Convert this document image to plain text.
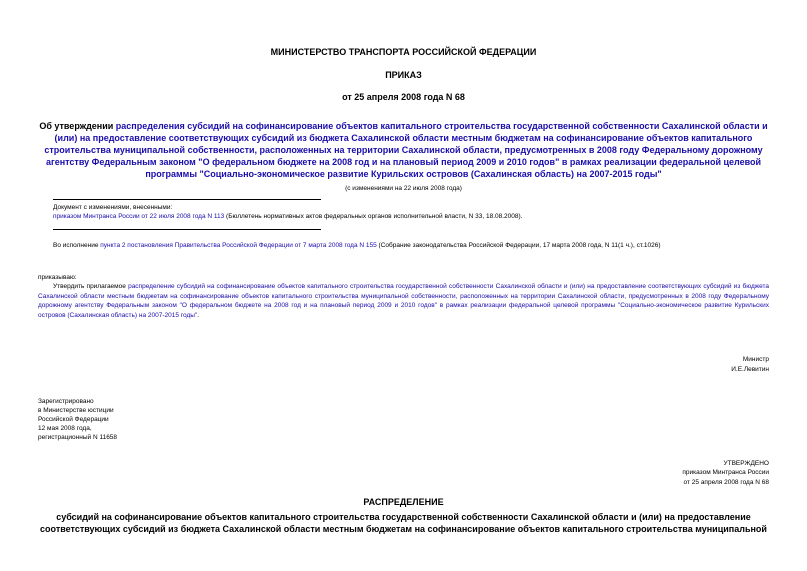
МИНИСТЕРСТВО ТРАНСПОРТА РОССИЙСКОЙ ФЕДЕРАЦИИ
ПРИКАЗ
от 25 апреля 2008 года N 68
Об утверждении распределения субсидий на софинансирование объектов капитального строительства государственной собственности Сахалинской области и (или) на предоставление соответствующих субсидий из бюджета Сахалинской области местным бюджетам на софинансирование объектов капитального строительства муниципальной собственности, расположенных на территории Сахалинской области, предусмотренных в 2008 году Федеральному дорожному агентству Федеральным законом "О федеральном бюджете на 2008 год и на плановый период 2009 и 2010 годов" в рамках реализации федеральной целевой программы "Социально-экономическое развитие Курильских островов (Сахалинская область) на 2007-2015 годы"
(с изменениями на 22 июля 2008 года)
Документ с изменениями, внесенными:
приказом Минтранса России от 22 июля 2008 года N 113 (Бюллетень нормативных актов федеральных органов исполнительной власти, N 33, 18.08.2008).
Во исполнение пункта 2 постановления Правительства Российской Федерации от 7 марта 2008 года N 155 (Собрание законодательства Российской Федерации, 17 марта 2008 года, N 11(1 ч.), ст.1026)
приказываю:
Утвердить прилагаемое распределение субсидий на софинансирование объектов капитального строительства государственной собственности Сахалинской области и (или) на предоставление соответствующих субсидий из бюджета Сахалинской области местным бюджетам на софинансирование объектов капитального строительства муниципальной собственности, расположенных на территории Сахалинской области, предусмотренных в 2008 году Федеральному дорожному агентству Федеральным законом "О федеральном бюджете на 2008 год и на плановый период 2009 и 2010 годов" в рамках реализации федеральной целевой программы "Социально-экономическое развитие Курильских островов (Сахалинская область) на 2007-2015 годы".
Министр
И.Е.Левитин
Зарегистрировано
в Министерстве юстиции
Российской Федерации
12 мая 2008 года,
регистрационный N 11658
УТВЕРЖДЕНО
приказом Минтранса России
от 25 апреля 2008 года N 68
РАСПРЕДЕЛЕНИЕ
субсидий на софинансирование объектов капитального строительства государственной собственности Сахалинской области и (или) на предоставление соответствующих субсидий из бюджета Сахалинской области местным бюджетам на софинансирование объектов капитального строительства муниципальной
